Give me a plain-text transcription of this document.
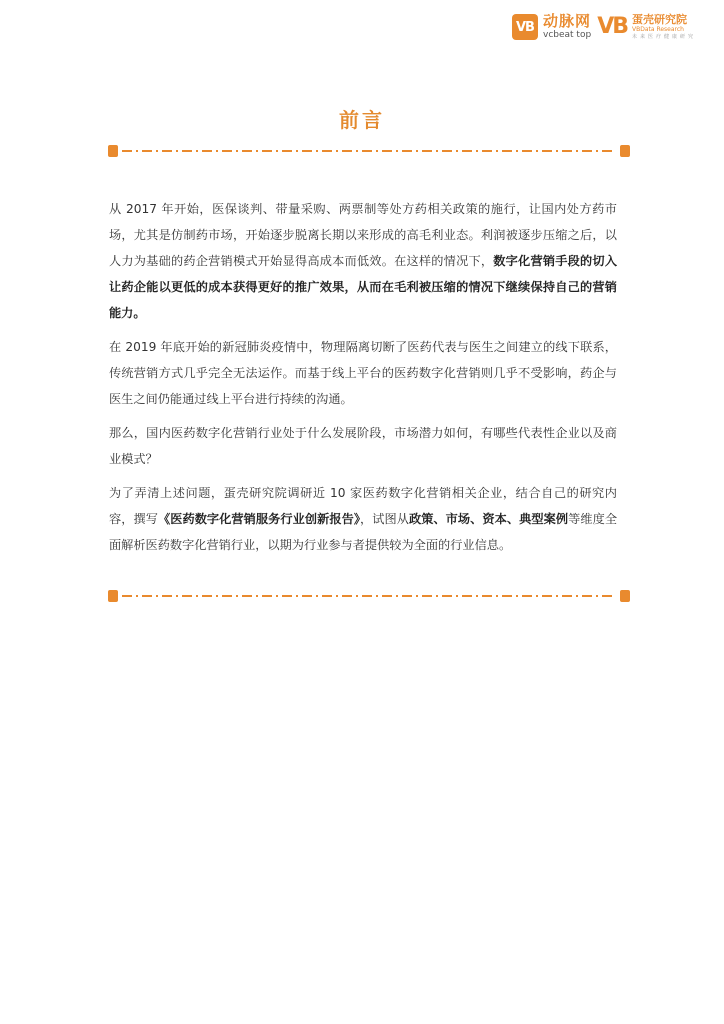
VB 动脉网
vcbeat top VB 蛋壳研究院
VBData Research
未来医疗健康研究
前言

从 2017 年开始，医保谈判、带量采购、两票制等处方药相关政策的施行，让国内处方药市场，尤其是仿制药市场，开始逐步脱离长期以来形成的高毛利业态。利润被逐步压缩之后，以人力为基础的药企营销模式开始显得高成本而低效。在这样的情况下，数字化营销手段的切入让药企能以更低的成本获得更好的推广效果，从而在毛利被压缩的情况下继续保持自己的营销能力。

在 2019 年底开始的新冠肺炎疫情中，物理隔离切断了医药代表与医生之间建立的线下联系，传统营销方式几乎完全无法运作。而基于线上平台的医药数字化营销则几乎不受影响，药企与医生之间仍能通过线上平台进行持续的沟通。

那么，国内医药数字化营销行业处于什么发展阶段，市场潜力如何，有哪些代表性企业以及商业模式？

为了弄清上述问题，蛋壳研究院调研近 10 家医药数字化营销相关企业，结合自己的研究内容，撰写《医药数字化营销服务行业创新报告》，试图从政策、市场、资本、典型案例等维度全面解析医药数字化营销行业，以期为行业参与者提供较为全面的行业信息。
